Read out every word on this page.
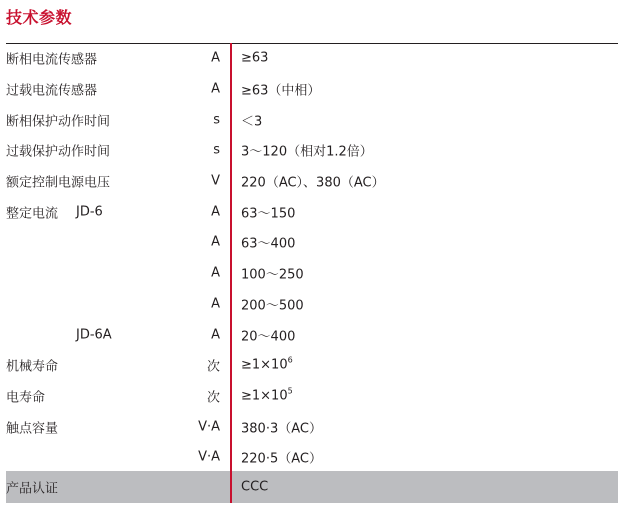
技术参数
断相电流传感器	A ≥63
过载电流传感器	A ≥63（中相）
断相保护动作时间	s ＜3
过载保护动作时间	s 3～120（相对1.2倍）
额定控制电源电压	V 220（AC）、380（AC）
整定电流 JD-6	A 63～150
A 63～400
A 100～250
A 200～500
JD-6A	A 20～400
机械寿命	次 $\ge 1\times 10^6$
电寿命	次 $\ge 1\times 10^5$
触点容量	V·A 380·3（AC）
V·A 220·5（AC）
产品认证	CCC
